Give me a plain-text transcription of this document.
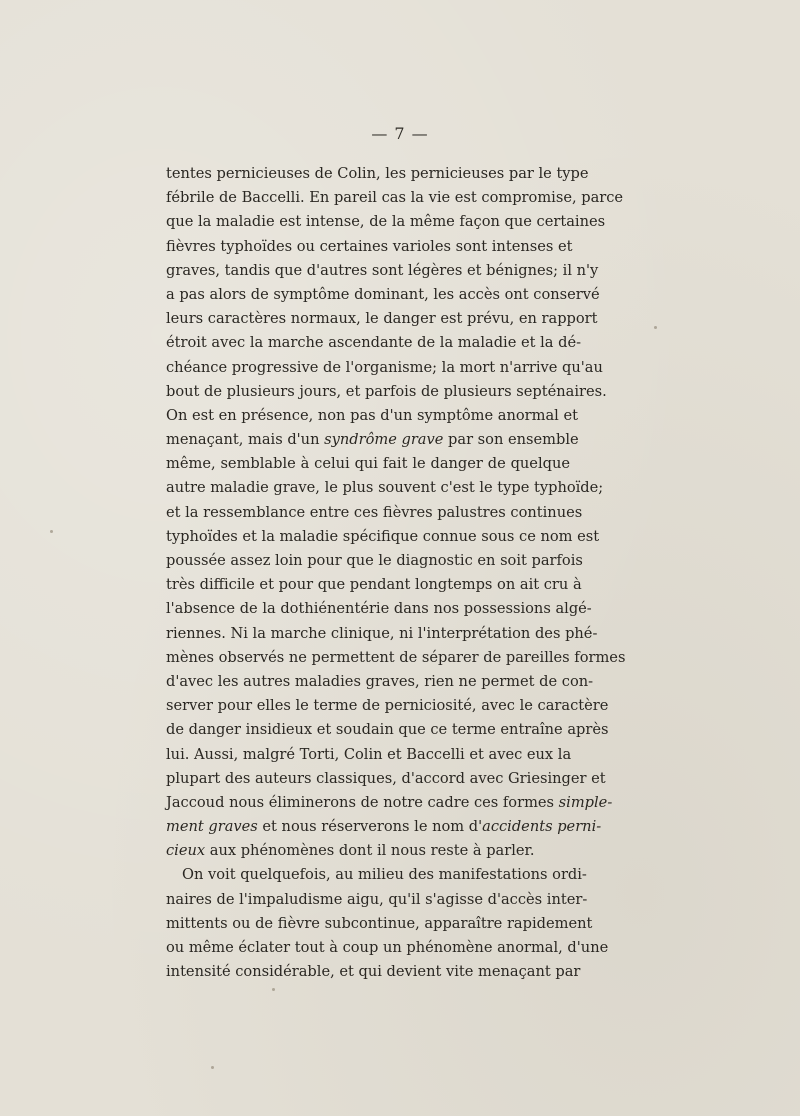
— 7 —
tentes pernicieuses de Colin, les pernicieuses par le type
fébrile de Baccelli. En pareil cas la vie est compromise, parce
que la maladie est intense, de la même façon que certaines
fièvres typhoïdes ou certaines varioles sont intenses et
graves, tandis que d'autres sont légères et bénignes; il n'y
a pas alors de symptôme dominant, les accès ont conservé
leurs caractères normaux, le danger est prévu, en rapport
étroit avec la marche ascendante de la maladie et la dé-
chéance progressive de l'organisme; la mort n'arrive qu'au
bout de plusieurs jours, et parfois de plusieurs septénaires.
On est en présence, non pas d'un symptôme anormal et
menaçant, mais d'un syndrôme grave par son ensemble
même, semblable à celui qui fait le danger de quelque
autre maladie grave, le plus souvent c'est le type typhoïde;
et la ressemblance entre ces fièvres palustres continues
typhoïdes et la maladie spécifique connue sous ce nom est
poussée assez loin pour que le diagnostic en soit parfois
très difficile et pour que pendant longtemps on ait cru à
l'absence de la dothiénentérie dans nos possessions algé-
riennes. Ni la marche clinique, ni l'interprétation des phé-
mènes observés ne permettent de séparer de pareilles formes
d'avec les autres maladies graves, rien ne permet de con-
server pour elles le terme de perniciosité, avec le caractère
de danger insidieux et soudain que ce terme entraîne après
lui. Aussi, malgré Torti, Colin et Baccelli et avec eux la
plupart des auteurs classiques, d'accord avec Griesinger et
Jaccoud nous éliminerons de notre cadre ces formes simple-
ment graves et nous réserverons le nom d'accidents perni-
cieux aux phénomènes dont il nous reste à parler.
On voit quelquefois, au milieu des manifestations ordi-
naires de l'impaludisme aigu, qu'il s'agisse d'accès inter-
mittents ou de fièvre subcontinue, apparaître rapidement
ou même éclater tout à coup un phénomène anormal, d'une
intensité considérable, et qui devient vite menaçant par
